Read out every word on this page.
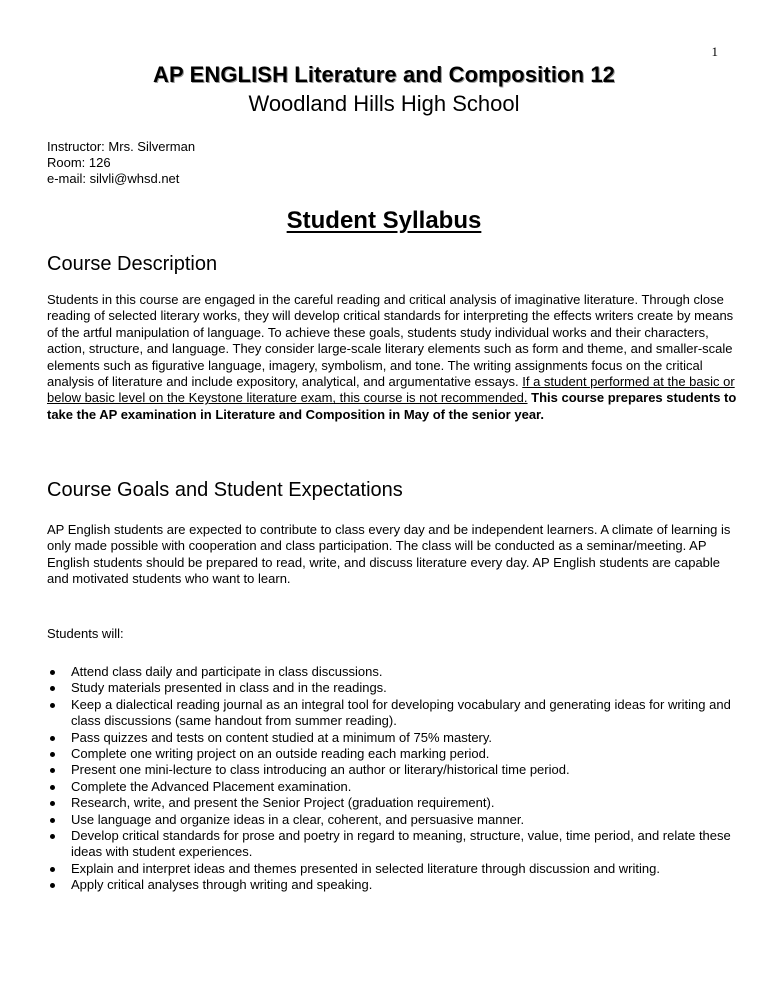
1
AP ENGLISH Literature and Composition 12
Woodland Hills High School
Instructor: Mrs. Silverman
Room: 126
e-mail: silvli@whsd.net
Student Syllabus
Course Description
Students in this course are engaged in the careful reading and critical analysis of imaginative literature. Through close reading of selected literary works, they will develop critical standards for interpreting the effects writers create by means of the artful manipulation of language. To achieve these goals, students study individual works and their characters, action, structure, and language. They consider large-scale literary elements such as form and theme, and smaller-scale elements such as figurative language, imagery, symbolism, and tone. The writing assignments focus on the critical analysis of literature and include expository, analytical, and argumentative essays. If a student performed at the basic or below basic level on the Keystone literature exam, this course is not recommended. This course prepares students to take the AP examination in Literature and Composition in May of the senior year.
Course Goals and Student Expectations
AP English students are expected to contribute to class every day and be independent learners. A climate of learning is only made possible with cooperation and class participation. The class will be conducted as a seminar/meeting. AP English students should be prepared to read, write, and discuss literature every day. AP English students are capable and motivated students who want to learn.
Students will:
Attend class daily and participate in class discussions.
Study materials presented in class and in the readings.
Keep a dialectical reading journal as an integral tool for developing vocabulary and generating ideas for writing and class discussions (same handout from summer reading).
Pass quizzes and tests on content studied at a minimum of 75% mastery.
Complete one writing project on an outside reading each marking period.
Present one mini-lecture to class introducing an author or literary/historical time period.
Complete the Advanced Placement examination.
Research, write, and present the Senior Project (graduation requirement).
Use language and organize ideas in a clear, coherent, and persuasive manner.
Develop critical standards for prose and poetry in regard to meaning, structure, value, time period, and relate these ideas with student experiences.
Explain and interpret ideas and themes presented in selected literature through discussion and writing.
Apply critical analyses through writing and speaking.
